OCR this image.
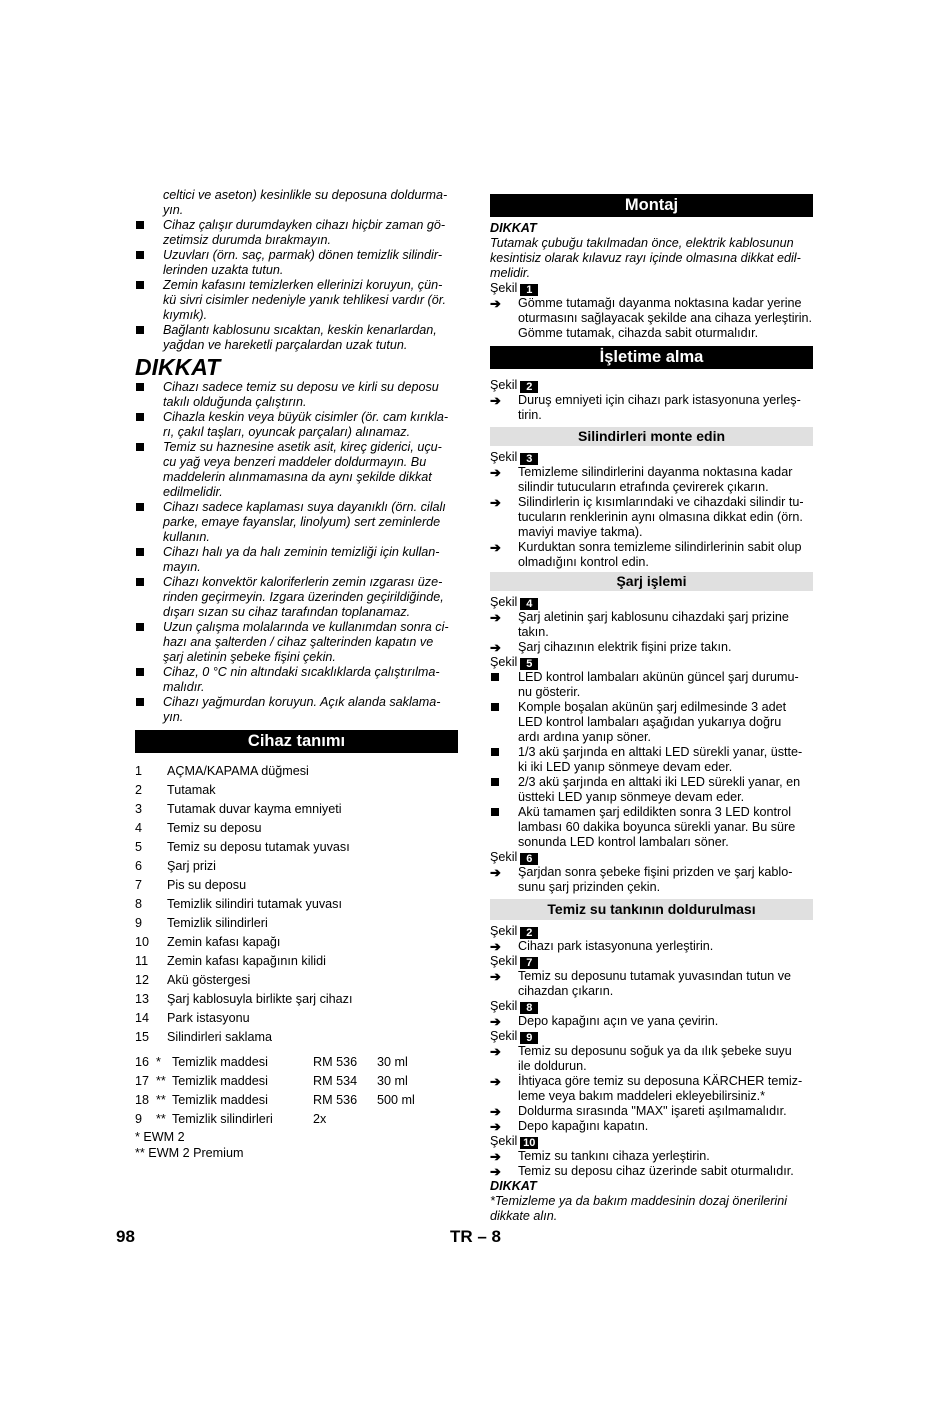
celtici ve aseton) kesinlikle su deposuna doldurma-
yın.
Cihaz çalışır durumdayken cihazı hiçbir zaman gö-
zetimsiz durumda bırakmayın.
Uzuvları (örn. saç, parmak) dönen temizlik silindir-
lerinden uzakta tutun.
Zemin kafasını temizlerken ellerinizi koruyun, çün-
kü sivri cisimler nedeniyle yanık tehlikesi vardır (ör.
kıymık).
Bağlantı kablosunu sıcaktan, keskin kenarlardan,
yağdan ve hareketli parçalardan uzak tutun.
DIKKAT
Cihazı sadece temiz su deposu ve kirli su deposu
takılı olduğunda çalıştırın.
Cihazla keskin veya büyük cisimler (ör. cam kırıkla-
rı, çakıl taşları, oyuncak parçaları) alınamaz.
Temiz su haznesine asetik asit, kireç giderici, uçu-
cu yağ veya benzeri maddeler doldurmayın. Bu
maddelerin alınmamasına da aynı şekilde dikkat
edilmelidir.
Cihazı sadece kaplaması suya dayanıklı (örn. cilalı
parke, emaye fayanslar, linolyum) sert zeminlerde
kullanın.
Cihazı halı ya da halı zeminin temizliği için kullan-
mayın.
Cihazı konvektör kaloriferlerin zemin ızgarası üze-
rinden geçirmeyin. Izgara üzerinden geçirildiğinde,
dışarı sızan su cihaz tarafından toplanamaz.
Uzun çalışma molalarında ve kullanımdan sonra ci-
hazı ana şalterden / cihaz şalterinden kapatın ve
şarj aletinin şebeke fişini çekin.
Cihaz, 0 °C nin altındaki sıcaklıklarda çalıştırılma-
malıdır.
Cihazı yağmurdan koruyun. Açık alanda saklama-
yın.
Cihaz tanımı
1 AÇMA/KAPAMA düğmesi
2 Tutamak
3 Tutamak duvar kayma emniyeti
4 Temiz su deposu
5 Temiz su deposu tutamak yuvası
6 Şarj prizi
7 Pis su deposu
8 Temizlik silindiri tutamak yuvası
9 Temizlik silindirleri
10 Zemin kafası kapağı
11 Zemin kafası kapağının kilidi
12 Akü göstergesi
13 Şarj kablosuyla birlikte şarj cihazı
14 Park istasyonu
15 Silindirleri saklama
16 * Temizlik maddesi	RM 536 30 ml
17 ** Temizlik maddesi	RM 534 30 ml
18 ** Temizlik maddesi	RM 536 500 ml
9 ** Temizlik silindirleri	2x
* EWM 2
** EWM 2 Premium
Montaj
DIKKAT
Tutamak çubuğu takılmadan önce, elektrik kablosunun
kesintisiz olarak kılavuz rayı içinde olmasına dikkat edil-
melidir.
Şekil 1
➔ Gömme tutamağı dayanma noktasına kadar yerine
oturmasını sağlayacak şekilde ana cihaza yerleştirin.
Gömme tutamak, cihazda sabit oturmalıdır.
İşletime alma
Şekil 2
➔ Duruş emniyeti için cihazı park istasyonuna yerleş-
tirin.
Silindirleri monte edin
Şekil 3
➔ Temizleme silindirlerini dayanma noktasına kadar
silindir tutucuların etrafında çevirerek çıkarın.
➔ Silindirlerin iç kısımlarındaki ve cihazdaki silindir tu-
tucuların renklerinin aynı olmasına dikkat edin (örn.
maviyi maviye takma).
➔ Kurduktan sonra temizleme silindirlerinin sabit olup
olmadığını kontrol edin.
Şarj işlemi
Şekil 4
➔ Şarj aletinin şarj kablosunu cihazdaki şarj prizine
takın.
➔ Şarj cihazının elektrik fişini prize takın.
Şekil 5
LED kontrol lambaları akünün güncel şarj durumu-
nu gösterir.
Komple boşalan akünün şarj edilmesinde 3 adet
LED kontrol lambaları aşağıdan yukarıya doğru
ardı ardına yanıp söner.
1/3 akü şarjında en alttaki LED sürekli yanar, üstte-
ki iki LED yanıp sönmeye devam eder.
2/3 akü şarjında en alttaki iki LED sürekli yanar, en
üstteki LED yanıp sönmeye devam eder.
Akü tamamen şarj edildikten sonra 3 LED kontrol
lambası 60 dakika boyunca sürekli yanar. Bu süre
sonunda LED kontrol lambaları söner.
Şekil 6
➔ Şarjdan sonra şebeke fişini prizden ve şarj kablo-
sunu şarj prizinden çekin.
Temiz su tankının doldurulması
Şekil 2
➔ Cihazı park istasyonuna yerleştirin.
Şekil 7
➔ Temiz su deposunu tutamak yuvasından tutun ve
cihazdan çıkarın.
Şekil 8
➔ Depo kapağını açın ve yana çevirin.
Şekil 9
➔ Temiz su deposunu soğuk ya da ılık şebeke suyu
ile doldurun.
➔ İhtiyaca göre temiz su deposuna KÄRCHER temiz-
leme veya bakım maddeleri ekleyebilirsiniz.*
➔ Doldurma sırasında "MAX" işareti aşılmamalıdır.
➔ Depo kapağını kapatın.
Şekil 10
➔ Temiz su tankını cihaza yerleştirin.
➔ Temiz su deposu cihaz üzerinde sabit oturmalıdır.
DIKKAT
*Temizleme ya da bakım maddesinin dozaj önerilerini
dikkate alın.
98	TR – 8
